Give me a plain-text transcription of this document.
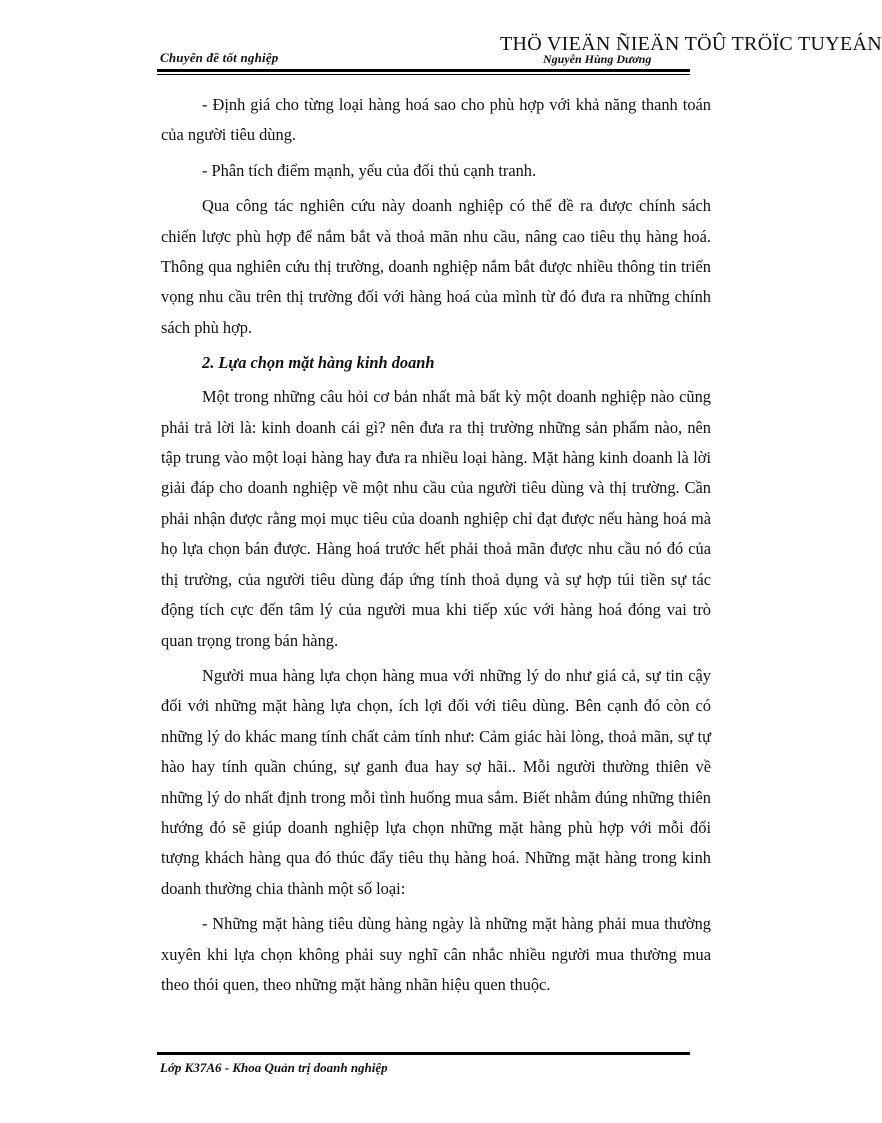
Chuyên đề tốt nghiệp
THÖ VIEÄN ÑIEÄN TÖÛ TRÖÏC TUYEÁN
Nguyễn Hùng Dương

- Định giá cho từng loại hàng hoá sao cho phù hợp với khả năng thanh toán của người tiêu dùng.

- Phân tích điểm mạnh, yếu của đối thủ cạnh tranh.

Qua công tác nghiên cứu này doanh nghiệp có thể đề ra được chính sách chiến lược phù hợp để nắm bắt và thoả mãn nhu cầu, nâng cao tiêu thụ hàng hoá. Thông qua nghiên cứu thị trường, doanh nghiệp nắm bắt được nhiều thông tin triển vọng nhu cầu trên thị trường đối với hàng hoá của mình từ đó đưa ra những chính sách phù hợp.

2. Lựa chọn mặt hàng kinh doanh

Một trong những câu hỏi cơ bản nhất mà bất kỳ một doanh nghiệp nào cũng phải trả lời là: kinh doanh cái gì? nên đưa ra thị trường những sản phẩm nào, nên tập trung vào một loại hàng hay đưa ra nhiều loại hàng. Mặt hàng kinh doanh là lời giải đáp cho doanh nghiệp về một nhu cầu của người tiêu dùng và thị trường. Cần phải nhận được rằng mọi mục tiêu của doanh nghiệp chỉ đạt được nếu hàng hoá mà họ lựa chọn bán được. Hàng hoá trước hết phải thoả mãn được nhu cầu nó đó của thị trường, của người tiêu dùng đáp ứng tính thoả dụng và sự hợp túi tiền sự tác động tích cực đến tâm lý của người mua khi tiếp xúc với hàng hoá đóng vai trò quan trọng trong bán hàng.

Người mua hàng lựa chọn hàng mua với những lý do như giá cả, sự tin cậy đối với những mặt hàng lựa chọn, ích lợi đối với tiêu dùng. Bên cạnh đó còn có những lý do khác mang tính chất cảm tính như: Cảm giác hài lòng, thoả mãn, sự tự hào hay tính quần chúng, sự ganh đua hay sợ hãi.. Mỗi người thường thiên về những lý do nhất định trong mỗi tình huống mua sắm. Biết nhằm đúng những thiên hướng đó sẽ giúp doanh nghiệp lựa chọn những mặt hàng phù hợp với mỗi đối tượng khách hàng qua đó thúc đẩy tiêu thụ hàng hoá. Những mặt hàng trong kinh doanh thường chia thành một số loại:

- Những mặt hàng tiêu dùng hàng ngày là những mặt hàng phải mua thường xuyên khi lựa chọn không phải suy nghĩ cân nhắc nhiều người mua thường mua theo thói quen, theo những mặt hàng nhãn hiệu quen thuộc.

Lớp K37A6 - Khoa Quản trị doanh nghiệp
